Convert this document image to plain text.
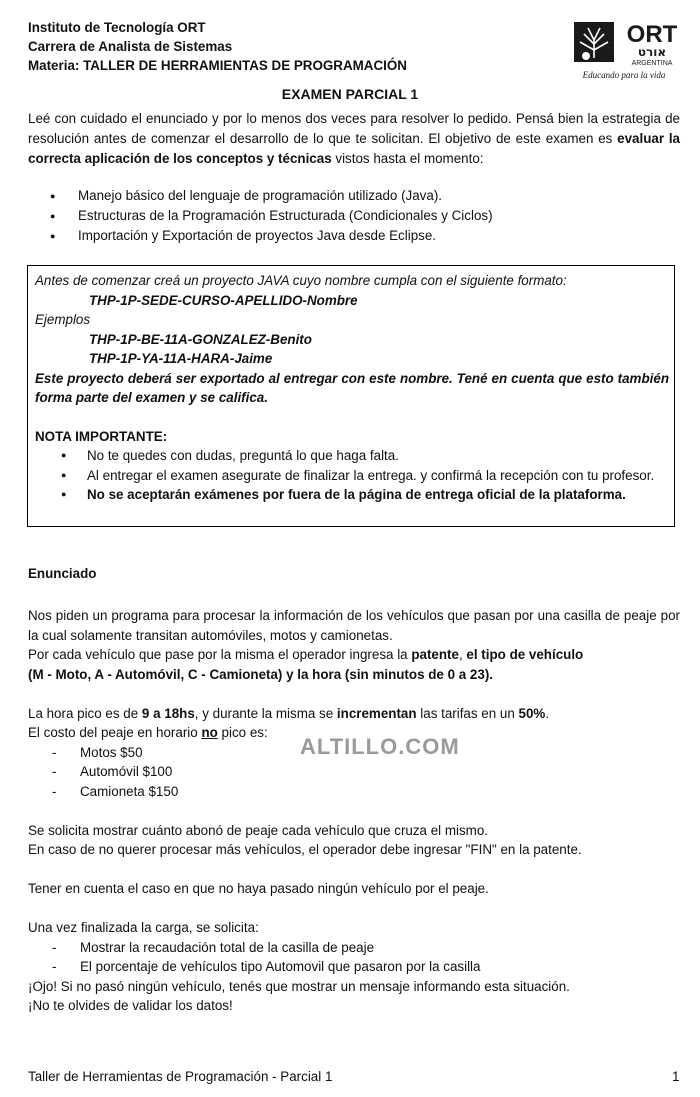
Instituto de Tecnología ORT
Carrera de Analista de Sistemas
Materia: TALLER DE HERRAMIENTAS DE PROGRAMACIÓN
ORT
אורט
ARGENTINA
Educando para la vida
EXAMEN PARCIAL 1
Leé con cuidado el enunciado y por lo menos dos veces para resolver lo pedido. Pensá bien la estrategia de resolución antes de comenzar el desarrollo de lo que te solicitan. El objetivo de este examen es evaluar la correcta aplicación de los conceptos y técnicas vistos hasta el momento:
● Manejo básico del lenguaje de programación utilizado (Java).
● Estructuras de la Programación Estructurada (Condicionales y Ciclos)
● Importación y Exportación de proyectos Java desde Eclipse.
Antes de comenzar creá un proyecto JAVA cuyo nombre cumpla con el siguiente formato:
THP-1P-SEDE-CURSO-APELLIDO-Nombre
Ejemplos
THP-1P-BE-11A-GONZALEZ-Benito
THP-1P-YA-11A-HARA-Jaime
Este proyecto deberá ser exportado al entregar con este nombre. Tené en cuenta que esto también forma parte del examen y se califica.
NOTA IMPORTANTE:
● No te quedes con dudas, preguntá lo que haga falta.
● Al entregar el examen asegurate de finalizar la entrega. y confirmá la recepción con tu profesor.
● No se aceptarán exámenes por fuera de la página de entrega oficial de la plataforma.
Enunciado
Nos piden un programa para procesar la información de los vehículos que pasan por una casilla de peaje por la cual solamente transitan automóviles, motos y camionetas.
Por cada vehículo que pase por la misma el operador ingresa la patente, el tipo de vehículo
(M - Moto, A - Automóvil, C - Camioneta) y la hora (sin minutos de 0 a 23).
La hora pico es de 9 a 18hs, y durante la misma se incrementan las tarifas en un 50%.
El costo del peaje en horario no pico es:
- Motos $50
- Automóvil $100
- Camioneta $150
Se solicita mostrar cuánto abonó de peaje cada vehículo que cruza el mismo.
En caso de no querer procesar más vehículos, el operador debe ingresar "FIN" en la patente.
Tener en cuenta el caso en que no haya pasado ningún vehículo por el peaje.
Una vez finalizada la carga, se solicita:
- Mostrar la recaudación total de la casilla de peaje
- El porcentaje de vehículos tipo Automovil que pasaron por la casilla
¡Ojo! Si no pasó ningún vehículo, tenés que mostrar un mensaje informando esta situación.
¡No te olvides de validar los datos!
ALTILLO.COM
Taller de Herramientas de Programación - Parcial 1	1
